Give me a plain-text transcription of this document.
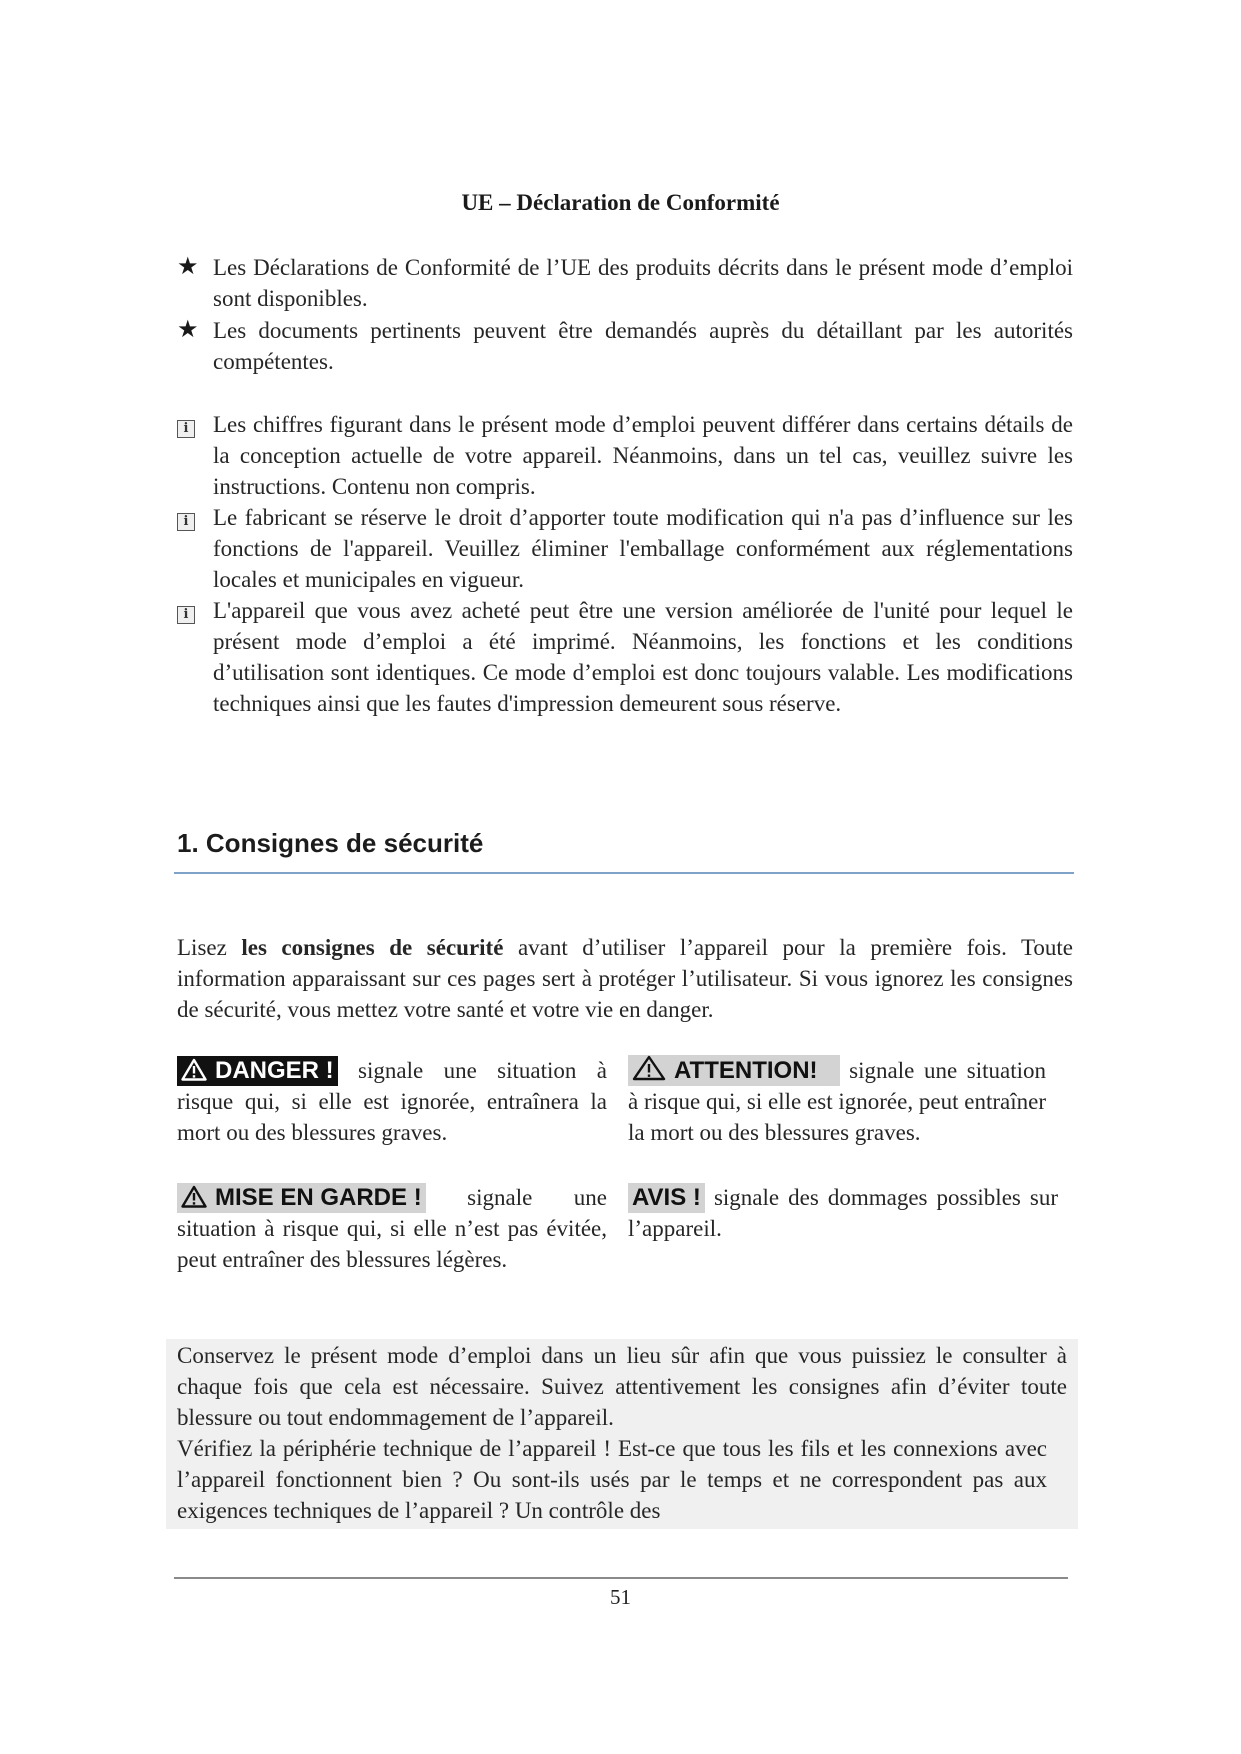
UE – Déclaration de Conformité
★ Les Déclarations de Conformité de l’UE des produits décrits dans le présent mode d’emploi sont disponibles.
★ Les documents pertinents peuvent être demandés auprès du détaillant par les autorités compétentes.
i	Les chiffres figurant dans le présent mode d’emploi peuvent différer dans certains détails de la conception actuelle de votre appareil. Néanmoins, dans un tel cas, veuillez suivre les instructions. Contenu non compris.
i	Le fabricant se réserve le droit d’apporter toute modification qui n'a pas d’influence sur les fonctions de l'appareil. Veuillez éliminer l'emballage conformément aux réglementations locales et municipales en vigueur.
i	L'appareil que vous avez acheté peut être une version améliorée de l'unité pour lequel le présent mode d’emploi a été imprimé. Néanmoins, les fonctions et les conditions d’utilisation sont identiques. Ce mode d’emploi est donc toujours valable. Les modifications techniques ainsi que les fautes d'impression demeurent sous réserve.
1. Consignes de sécurité
Lisez les consignes de sécurité avant d’utiliser l’appareil pour la première fois. Toute information apparaissant sur ces pages sert à protéger l’utilisateur. Si vous ignorez les consignes de sécurité, vous mettez votre santé et votre vie en danger.
DANGER ! signale une situation à risque qui, si elle est ignorée, entraînera la mort ou des blessures graves.
MISE EN GARDE ! signale une situation à risque qui, si elle n’est pas évitée, peut entraîner des blessures légères.
ATTENTION! signale une situation à risque qui, si elle est ignorée, peut entraîner la mort ou des blessures graves.
AVIS ! signale des dommages possibles sur l’appareil.
Conservez le présent mode d’emploi dans un lieu sûr afin que vous puissiez le consulter à chaque fois que cela est nécessaire. Suivez attentivement les consignes afin d’éviter toute blessure ou tout endommagement de l’appareil.
Vérifiez la périphérie technique de l’appareil ! Est-ce que tous les fils et les connexions avec l’appareil fonctionnent bien ? Ou sont-ils usés par le temps et ne correspondent pas aux exigences techniques de l’appareil ? Un contrôle des
51
